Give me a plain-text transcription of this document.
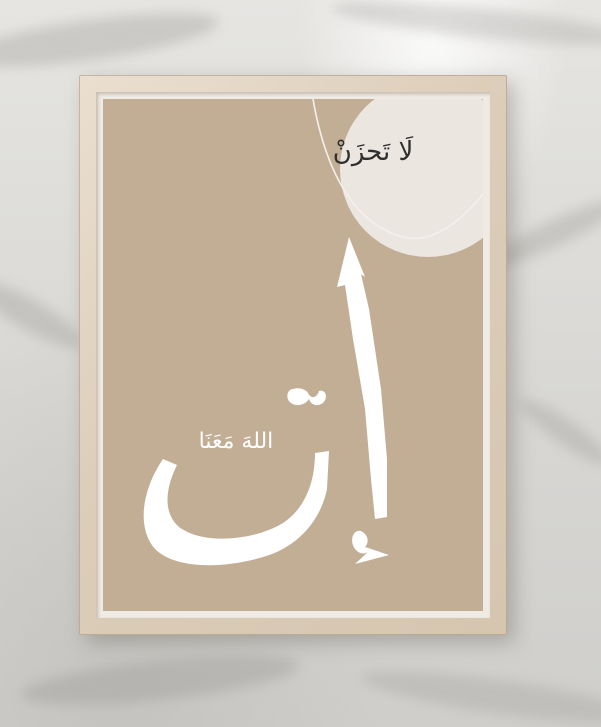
لَا تَحزَنْ
اللهَ مَعَنَا
